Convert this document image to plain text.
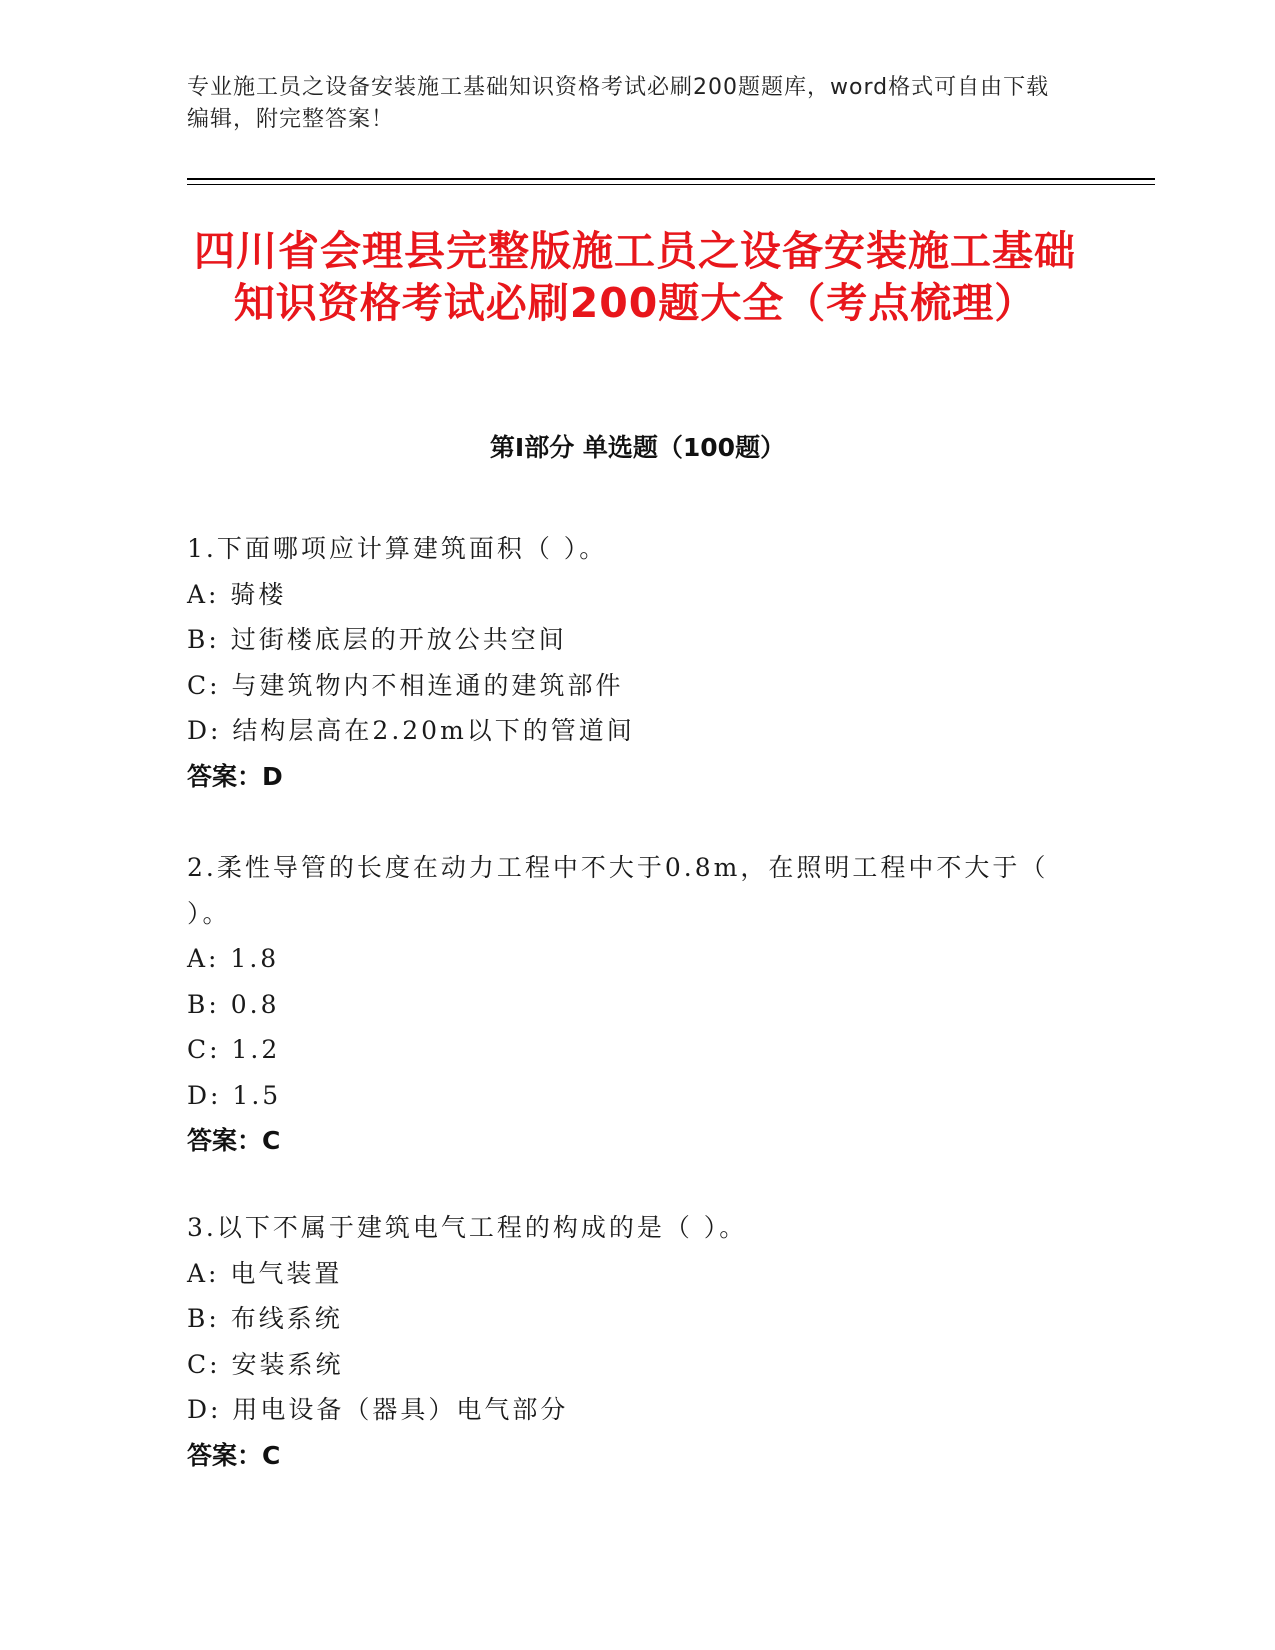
专业施工员之设备安装施工基础知识资格考试必刷200题题库，word格式可自由下载编辑，附完整答案！
四川省会理县完整版施工员之设备安装施工基础知识资格考试必刷200题大全（考点梳理）
第Ⅰ部分 单选题（100题）
1.下面哪项应计算建筑面积（ ）。
A: 骑楼
B: 过街楼底层的开放公共空间
C: 与建筑物内不相连通的建筑部件
D: 结构层高在2.20m以下的管道间
答案：D
2.柔性导管的长度在动力工程中不大于0.8m，在照明工程中不大于（ ）。
A: 1.8
B: 0.8
C: 1.2
D: 1.5
答案：C
3.以下不属于建筑电气工程的构成的是（ ）。
A: 电气装置
B: 布线系统
C: 安装系统
D: 用电设备（器具）电气部分
答案：C
